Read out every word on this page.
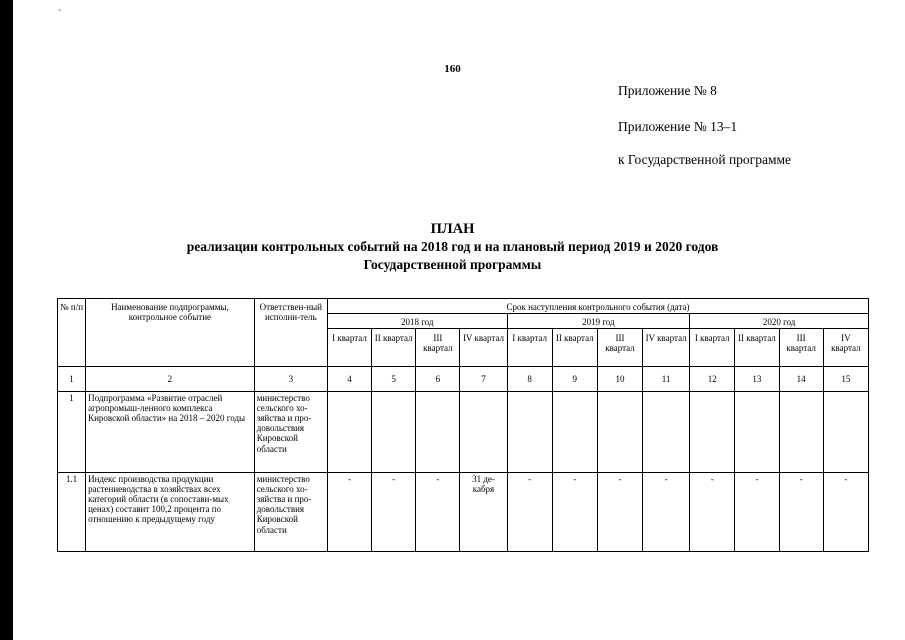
`
160
Приложение № 8
Приложение № 13–1
к Государственной программе
ПЛАН
реализации контрольных событий на 2018 год и на плановый период 2019 и 2020 годов
Государственной программы
№ п/п	Наименование подпрограммы, контрольное событие	Ответствен-ный исполни-тель	Срок наступления контрольного события (дата)											
			2018 год				2019 год				2020 год			
			I квартал	II квартал	III квартал	IV квартал	I квартал	II квартал	III квартал	IV квартал	I квартал	II квартал	III квартал	IV квартал
1	2	3	4	5	6	7	8	9	10	11	12	13	14	15
1	Подпрограмма «Развитие отраслей агропромыш-ленного комплекса Кировской области» на 2018 – 2020 годы	министерство сельского хо-зяйства и про-довольствия Кировской области												
1.1	Индекс производства продукции растениеводства в хозяйствах всех категорий области (в сопостави-мых ценах) составит 100,2 процента по отношению к предыдущему году	министерство сельского хо-зяйства и про-довольствия Кировской области	-	-	-	31 де-кабря	-	-	-	-	-	-	-	-
